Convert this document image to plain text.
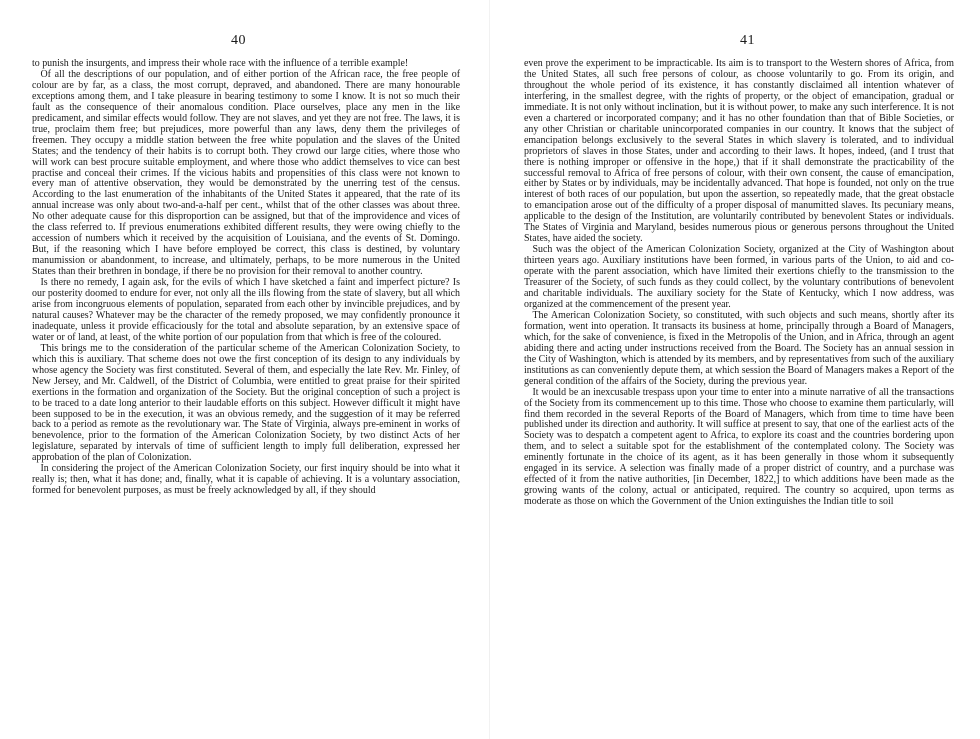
40

to punish the insurgents, and impress their whole race with the influence of a terrible example!

Of all the descriptions of our population, and of either portion of the African race, the free people of colour are by far, as a class, the most corrupt, depraved, and abandoned. There are many honourable exceptions among them, and I take pleasure in bearing testimony to some I know. It is not so much their fault as the consequence of their anomalous condition. Place ourselves, place any men in the like predicament, and similar effects would follow. They are not slaves, and yet they are not free. The laws, it is true, proclaim them free; but prejudices, more powerful than any laws, deny them the privileges of freemen. They occupy a middle station between the free white population and the slaves of the United States; and the tendency of their habits is to corrupt both. They crowd our large cities, where those who will work can best procure suitable employment, and where those who addict themselves to vice can best practise and conceal their crimes. If the vicious habits and propensities of this class were not known to every man of attentive observation, they would be demonstrated by the unerring test of the census. According to the last enumeration of the inhabitants of the United States it appeared, that the rate of its annual increase was only about two-and-a-half per cent., whilst that of the other classes was about three. No other adequate cause for this disproportion can be assigned, but that of the improvidence and vices of the class referred to. If previous enumerations exhibited different results, they were owing chiefly to the accession of numbers which it received by the acquisition of Louisiana, and the events of St. Domingo. But, if the reasoning which I have before employed be correct, this class is destined, by voluntary manumission or abandonment, to increase, and ultimately, perhaps, to be more numerous in the United States than their brethren in bondage, if there be no provision for their removal to another country.

Is there no remedy, I again ask, for the evils of which I have sketched a faint and imperfect picture? Is our posterity doomed to endure for ever, not only all the ills flowing from the state of slavery, but all which arise from incongruous elements of population, separated from each other by invincible prejudices, and by natural causes? Whatever may be the character of the remedy proposed, we may confidently pronounce it inadequate, unless it provide efficaciously for the total and absolute separation, by an extensive space of water or of land, at least, of the white portion of our population from that which is free of the coloured.

This brings me to the consideration of the particular scheme of the American Colonization Society, to which this is auxiliary. That scheme does not owe the first conception of its design to any individuals by whose agency the Society was first constituted. Several of them, and especially the late Rev. Mr. Finley, of New Jersey, and Mr. Caldwell, of the District of Columbia, were entitled to great praise for their spirited exertions in the formation and organization of the Society. But the original conception of such a project is to be traced to a date long anterior to their laudable efforts on this subject. However difficult it might have been supposed to be in the execution, it was an obvious remedy, and the suggestion of it may be referred back to a period as remote as the revolutionary war. The State of Virginia, always pre-eminent in works of benevolence, prior to the formation of the American Colonization Society, by two distinct Acts of her legislature, separated by intervals of time of sufficient length to imply full deliberation, expressed her approbation of the plan of Colonization.

In considering the project of the American Colonization Society, our first inquiry should be into what it really is; then, what it has done; and, finally, what it is capable of achieving. It is a voluntary association, formed for benevolent purposes, as must be freely acknowledged by all, if they should

41

even prove the experiment to be impracticable. Its aim is to transport to the Western shores of Africa, from the United States, all such free persons of colour, as choose voluntarily to go. From its origin, and throughout the whole period of its existence, it has constantly disclaimed all intention whatever of interfering, in the smallest degree, with the rights of property, or the object of emancipation, gradual or immediate. It is not only without inclination, but it is without power, to make any such interference. It is not even a chartered or incorporated company; and it has no other foundation than that of Bible Societies, or any other Christian or charitable unincorporated companies in our country. It knows that the subject of emancipation belongs exclusively to the several States in which slavery is tolerated, and to individual proprietors of slaves in those States, under and according to their laws. It hopes, indeed, (and I trust that there is nothing improper or offensive in the hope,) that if it shall demonstrate the practicability of the successful removal to Africa of free persons of colour, with their own consent, the cause of emancipation, either by States or by individuals, may be incidentally advanced. That hope is founded, not only on the true interest of both races of our population, but upon the assertion, so repeatedly made, that the great obstacle to emancipation arose out of the difficulty of a proper disposal of manumitted slaves. Its pecuniary means, applicable to the design of the Institution, are voluntarily contributed by benevolent States or individuals. The States of Virginia and Maryland, besides numerous pious or generous persons throughout the United States, have aided the society.

Such was the object of the American Colonization Society, organized at the City of Washington about thirteen years ago. Auxiliary institutions have been formed, in various parts of the Union, to aid and co-operate with the parent association, which have limited their exertions chiefly to the transmission to the Treasurer of the Society, of such funds as they could collect, by the voluntary contributions of benevolent and charitable individuals. The auxiliary society for the State of Kentucky, which I now address, was organized at the commencement of the present year.

The American Colonization Society, so constituted, with such objects and such means, shortly after its formation, went into operation. It transacts its business at home, principally through a Board of Managers, which, for the sake of convenience, is fixed in the Metropolis of the Union, and in Africa, through an agent abiding there and acting under instructions received from the Board. The Society has an annual session in the City of Washington, which is attended by its members, and by representatives from such of the auxiliary institutions as can conveniently depute them, at which session the Board of Managers makes a Report of the general condition of the affairs of the Society, during the previous year.

It would be an inexcusable trespass upon your time to enter into a minute narrative of all the transactions of the Society from its commencement up to this time. Those who choose to examine them particularly, will find them recorded in the several Reports of the Board of Managers, which from time to time have been published under its direction and authority. It will suffice at present to say, that one of the earliest acts of the Society was to despatch a competent agent to Africa, to explore its coast and the countries bordering upon them, and to select a suitable spot for the establishment of the contemplated colony. The Society was eminently fortunate in the choice of its agent, as it has been generally in those whom it subsequently engaged in its service. A selection was finally made of a proper district of country, and a purchase was effected of it from the native authorities, [in December, 1822,] to which additions have been made as the growing wants of the colony, actual or anticipated, required. The country so acquired, upon terms as moderate as those on which the Government of the Union extinguishes the Indian title to soil
